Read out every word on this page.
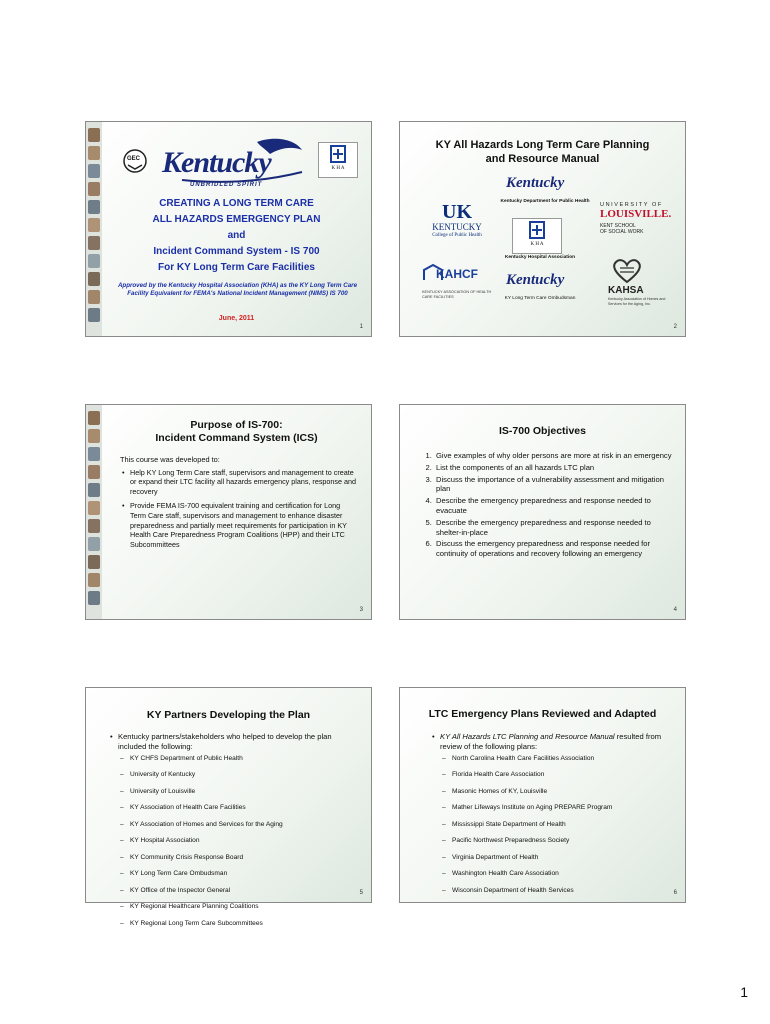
GEC Kentucky
UNBRIDLED SPIRIT
K H A
CREATING A LONG TERM CARE
ALL HAZARDS EMERGENCY PLAN
and
Incident Command System - IS 700
For KY Long Term Care Facilities
Approved by the Kentucky Hospital Association (KHA) as the KY Long Term Care Facility Equivalent for FEMA's National Incident Management (NIMS) IS 700
June, 2011
1
KY All Hazards Long Term Care Planning
and Resource Manual
Kentucky
Kentucky Department for Public Health
UK
KENTUCKY
College of Public Health
K H A
Kentucky Hospital Association
UNIVERSITY OF
LOUISVILLE.
KENT SCHOOL
OF SOCIAL WORK
KAHCF
KENTUCKY ASSOCIATION OF HEALTH CARE FACILITIES
Kentucky
KY Long Term Care Ombudsman
KAHSA
Kentucky Association of Homes and Services for the Aging, Inc.
2
Purpose of IS-700:
Incident Command System (ICS)
This course was developed to:
• Help KY Long Term Care staff, supervisors and management to create or expand their LTC facility all hazards emergency plans, response and recovery
• Provide FEMA IS-700 equivalent training and certification for Long Term Care staff, supervisors and management to enhance disaster preparedness and partially meet requirements for participation in KY Health Care Preparedness Program Coalitions (HPP) and their LTC Subcommittees
3
IS-700 Objectives
1. Give examples of why older persons are more at risk in an emergency
2. List the components of an all hazards LTC plan
3. Discuss the importance of a vulnerability assessment and mitigation plan
4. Describe the emergency preparedness and response needed to evacuate
5. Describe the emergency preparedness and response needed to shelter-in-place
6. Discuss the emergency preparedness and response needed for continuity of operations and recovery following an emergency
4
KY Partners Developing the Plan
• Kentucky partners/stakeholders who helped to develop the plan included the following:
– KY CHFS Department of Public Health
– University of Kentucky
– University of Louisville
– KY Association of Health Care Facilities
– KY Association of Homes and Services for the Aging
– KY Hospital Association
– KY Community Crisis Response Board
– KY Long Term Care Ombudsman
– KY Office of the Inspector General
– KY Regional Healthcare Planning Coalitions
– KY Regional Long Term Care Subcommittees
5
LTC Emergency Plans Reviewed and Adapted
• KY All Hazards LTC Planning and Resource Manual resulted from review of the following plans:
– North Carolina Health Care Facilities Association
– Florida Health Care Association
– Masonic Homes of KY, Louisville
– Mather Lifeways Institute on Aging PREPARE Program
– Mississippi State Department of Health
– Pacific Northwest Preparedness Society
– Virginia Department of Health
– Washington Health Care Association
– Wisconsin Department of Health Services	6
1
